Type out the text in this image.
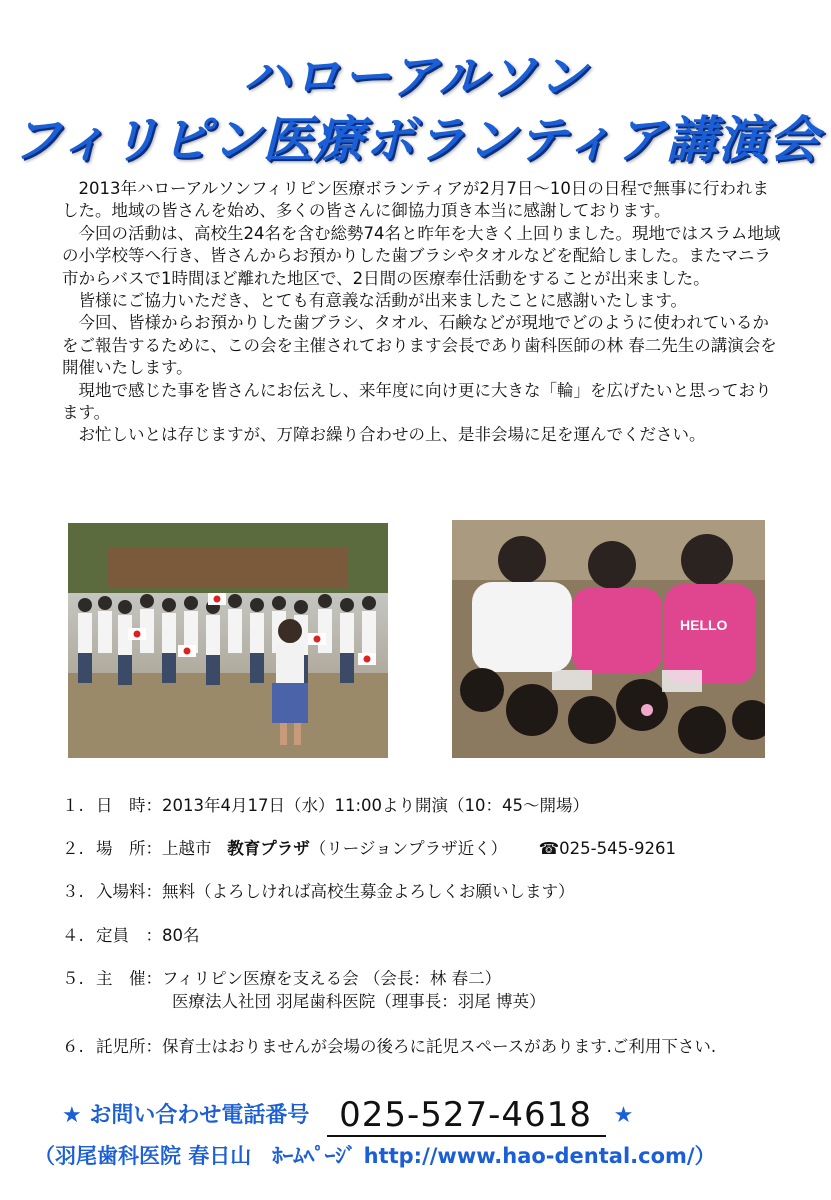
ハローアルソン
フィリピン医療ボランティア講演会

2013年ハローアルソンフィリピン医療ボランティアが2月7日〜10日の日程で無事に行われました。地域の皆さんを始め、多くの皆さんに御協力頂き本当に感謝しております。

今回の活動は、高校生24名を含む総勢74名と昨年を大きく上回りました。現地ではスラム地域の小学校等へ行き、皆さんからお預かりした歯ブラシやタオルなどを配給しました。またマニラ市からバスで1時間ほど離れた地区で、2日間の医療奉仕活動をすることが出来ました。

皆様にご協力いただき、とても有意義な活動が出来ましたことに感謝いたします。

今回、皆様からお預かりした歯ブラシ、タオル、石鹸などが現地でどのように使われているかをご報告するために、この会を主催されております会長であり歯科医師の林 春二先生の講演会を開催いたします。

現地で感じた事を皆さんにお伝えし、来年度に向け更に大きな「輪」を広げたいと思っております。

お忙しいとは存じますが、万障お繰り合わせの上、是非会場に足を運んでください。

HELLO
１. 日　時：2013年4月17日（水）11:00より開演（10：45〜開場）
２. 場　所：上越市 教育プラザ（リージョンプラザ近く） ☎025-545-9261
３. 入場料：無料（よろしければ高校生募金よろしくお願いします）
４. 定員　：80名
５. 主　催：フィリピン医療を支える会 （会長：林 春二）
医療法人社団 羽尾歯科医院（理事長：羽尾 博英）
６. 託児所：保育士はおりませんが会場の後ろに託児スペースがあります.ご利用下さい.
★ お問い合わせ電話番号 025-527-4618 ★
（羽尾歯科医院 春日山　ﾎｰﾑﾍﾟｰｼﾞ http://www.hao-dental.com/）
